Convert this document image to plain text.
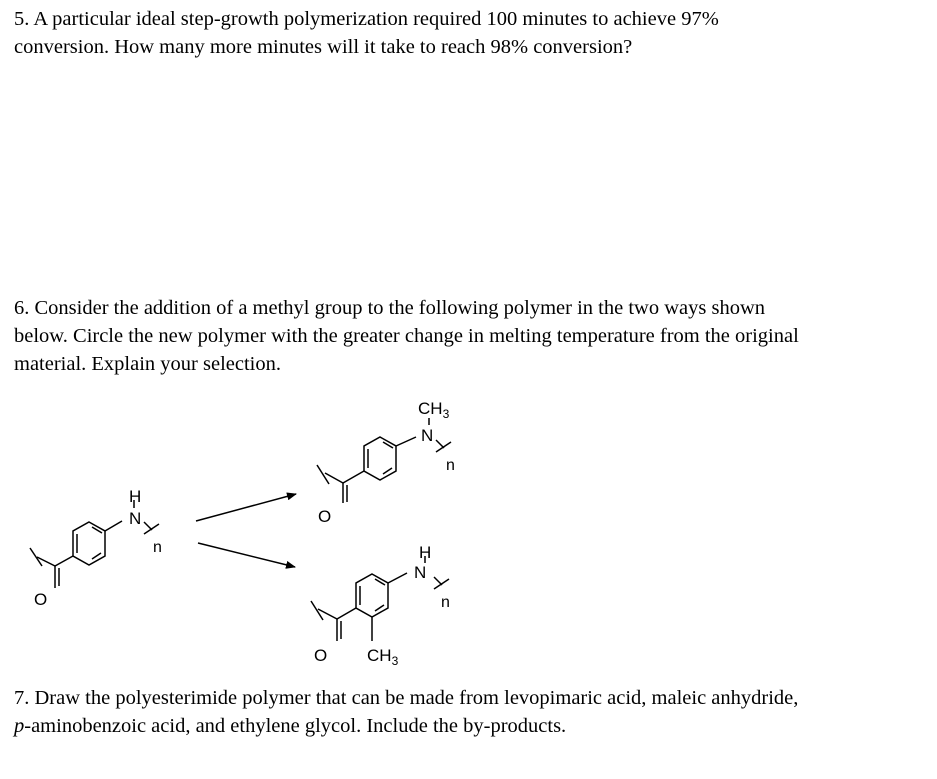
5. A particular ideal step-growth polymerization required 100 minutes to achieve 97%
conversion. How many more minutes will it take to reach 98% conversion?
6. Consider the addition of a methyl group to the following polymer in the two ways shown
below. Circle the new polymer with the greater change in melting temperature from the original
material. Explain your selection.
O
N
H
n
O
N
$CH_3$
n
O
N
H
$CH_3$
n
7. Draw the polyesterimide polymer that can be made from levopimaric acid, maleic anhydride,
p-aminobenzoic acid, and ethylene glycol. Include the by-products.
